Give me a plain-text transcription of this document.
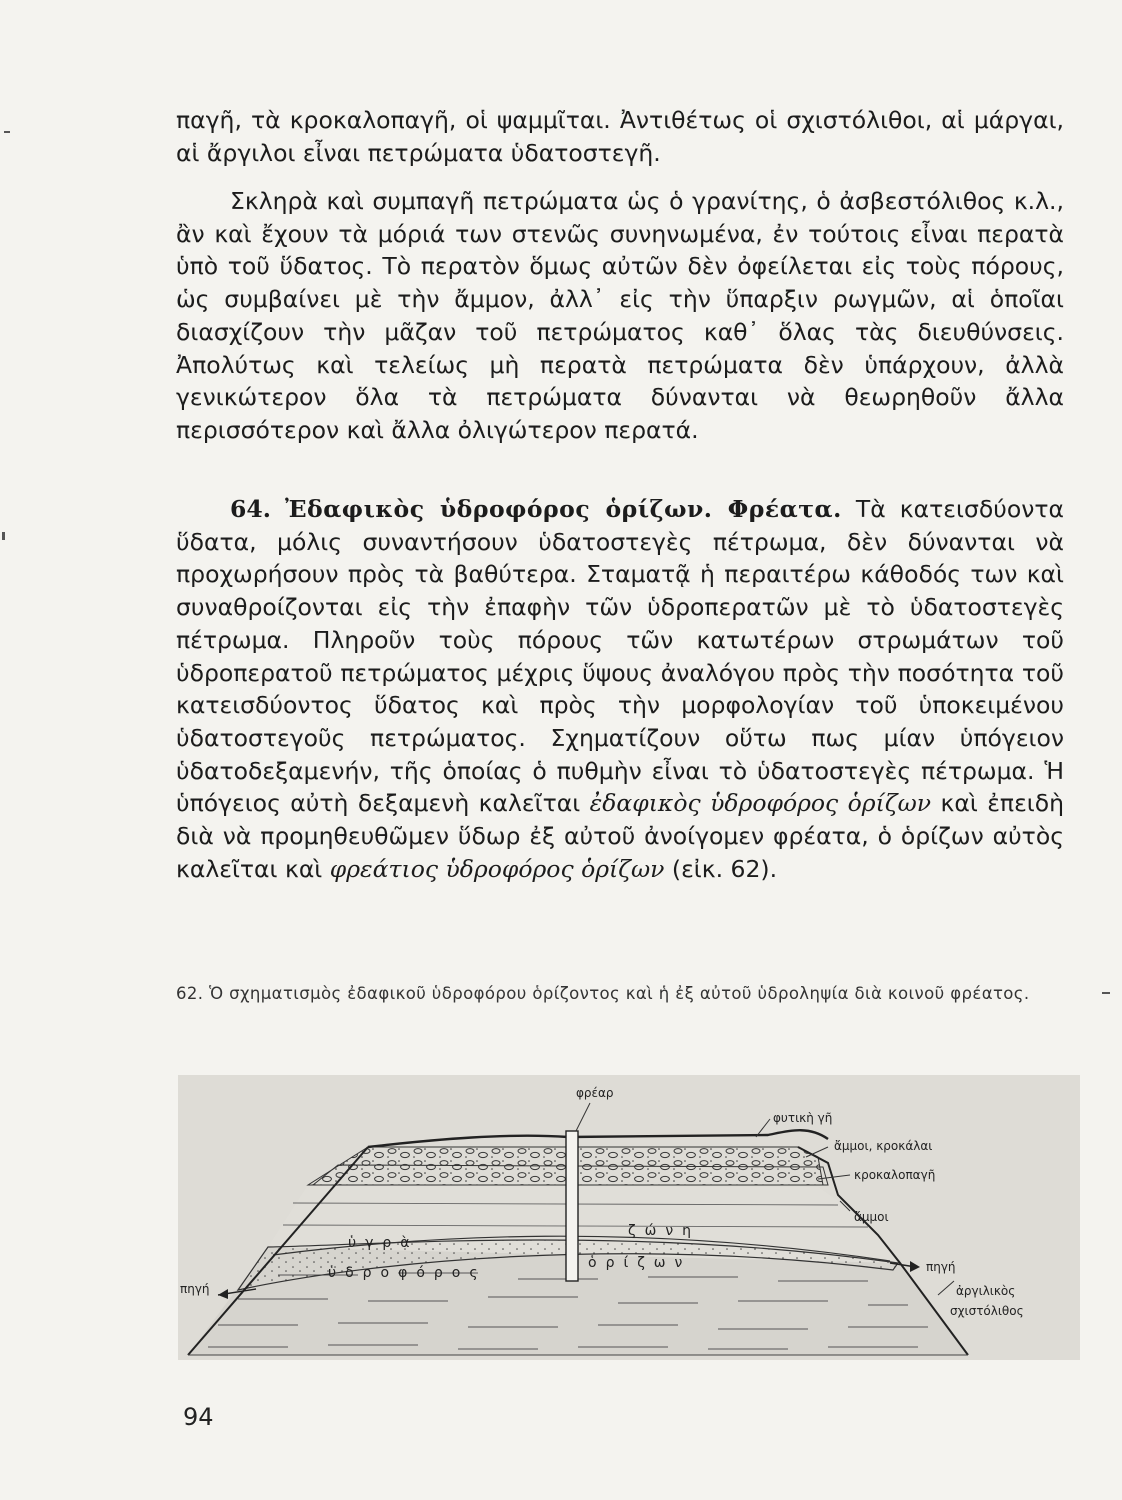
παγῆ, τὰ κροκαλοπαγῆ, οἱ ψαμμῖται. Ἀντιθέτως οἱ σχιστόλιθοι, αἱ μάργαι, αἱ ἄργιλοι εἶναι πετρώματα ὑδατοστεγῆ.

Σκληρὰ καὶ συμπαγῆ πετρώματα ὡς ὁ γρανίτης, ὁ ἀσβεστόλιθος κ.λ., ἂν καὶ ἔχουν τὰ μόριά των στενῶς συνηνωμένα, ἐν τούτοις εἶναι περατὰ ὑπὸ τοῦ ὕδατος. Τὸ περατὸν ὅμως αὐτῶν δὲν ὀφείλεται εἰς τοὺς πόρους, ὡς συμβαίνει μὲ τὴν ἄμμον, ἀλλ᾽ εἰς τὴν ὕπαρξιν ρωγμῶν, αἱ ὁποῖαι διασχίζουν τὴν μᾶζαν τοῦ πετρώματος καθ᾽ ὅλας τὰς διευθύνσεις. Ἀπολύτως καὶ τελείως μὴ περατὰ πετρώματα δὲν ὑπάρχουν, ἀλλὰ γενικώτερον ὅλα τὰ πετρώματα δύνανται νὰ θεωρηθοῦν ἄλλα περισσότερον καὶ ἄλλα ὀλιγώτερον περατά.

64. Ἐδαφικὸς ὑδροφόρος ὁρίζων. Φρέατα. Τὰ κατεισδύοντα ὕδατα, μόλις συναντήσουν ὑδατοστεγὲς πέτρωμα, δὲν δύνανται νὰ προχωρήσουν πρὸς τὰ βαθύτερα. Σταματᾷ ἡ περαιτέρω κάθοδός των καὶ συναθροίζονται εἰς τὴν ἐπαφὴν τῶν ὑδροπερατῶν μὲ τὸ ὑδατοστεγὲς πέτρωμα. Πληροῦν τοὺς πόρους τῶν κατωτέρων στρωμάτων τοῦ ὑδροπερατοῦ πετρώματος μέχρις ὕψους ἀναλόγου πρὸς τὴν ποσότητα τοῦ κατεισδύοντος ὕδατος καὶ πρὸς τὴν μορφολογίαν τοῦ ὑποκειμένου ὑδατοστεγοῦς πετρώματος. Σχηματίζουν οὕτω πως μίαν ὑπόγειον ὑδατοδεξαμενήν, τῆς ὁποίας ὁ πυθμὴν εἶναι τὸ ὑδατοστεγὲς πέτρωμα. Ἡ ὑπόγειος αὐτὴ δεξαμενὴ καλεῖται ἐδαφικὸς ὑδροφόρος ὁρίζων καὶ ἐπειδὴ διὰ νὰ προμηθευθῶμεν ὕδωρ ἐξ αὐτοῦ ἀνοίγομεν φρέατα, ὁ ὁρίζων αὐτὸς καλεῖται καὶ φρεάτιος ὑδροφόρος ὁρίζων (εἰκ. 62).

62. Ὁ σχηματισμὸς ἐδαφικοῦ ὑδροφόρου ὁρίζοντος καὶ ἡ ἐξ αὐτοῦ ὑδροληψία διὰ κοινοῦ φρέατος.
φρέαρ
φυτικὴ γῆ
ἄμμοι, κροκάλαι
κροκαλοπαγῆ
ἄμμοι
πηγή
πηγή	ἀργιλικὸς
σχιστόλιθος
ὑγρὰ
ζώνη
ὑδροφόρος
ὁρίζων
94
